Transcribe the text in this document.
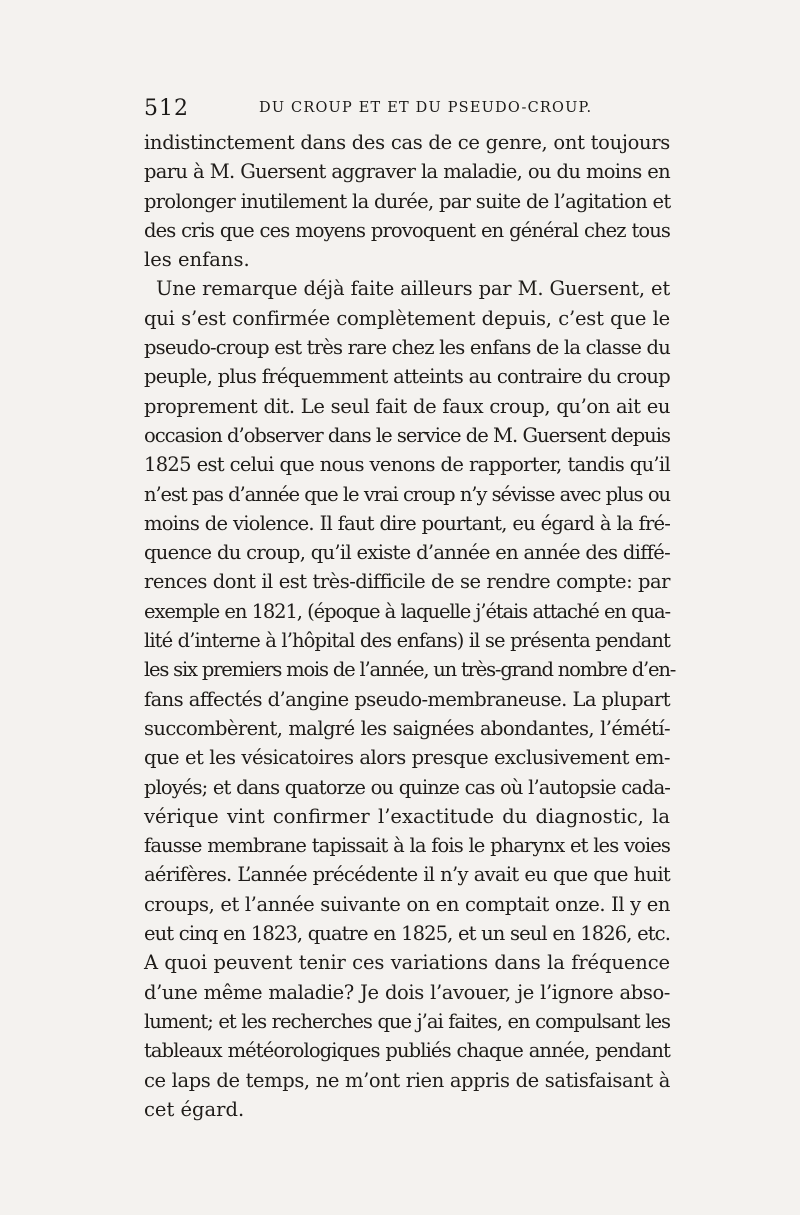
512	DU CROUP ET ET DU PSEUDO-CROUP.
indistinctement dans des cas de ce genre, ont toujours
paru à M. Guersent aggraver la maladie, ou du moins en
prolonger inutilement la durée, par suite de l’agitation et
des cris que ces moyens provoquent en général chez tous
les enfans.
Une remarque déjà faite ailleurs par M. Guersent, et
qui s’est confirmée complètement depuis, c’est que le
pseudo-croup est très rare chez les enfans de la classe du
peuple, plus fréquemment atteints au contraire du croup
proprement dit. Le seul fait de faux croup, qu’on ait eu
occasion d’observer dans le service de M. Guersent depuis
1825 est celui que nous venons de rapporter, tandis qu’il
n’est pas d’année que le vrai croup n’y sévisse avec plus ou
moins de violence. Il faut dire pourtant, eu égard à la fré-
quence du croup, qu’il existe d’année en année des diffé-
rences dont il est très-difficile de se rendre compte: par
exemple en 1821, (époque à laquelle j’étais attaché en qua-
lité d’interne à l’hôpital des enfans) il se présenta pendant
les six premiers mois de l’année, un très-grand nombre d’en-
fans affectés d’angine pseudo-membraneuse. La plupart
succombèrent, malgré les saignées abondantes, l’émétí-
que et les vésicatoires alors presque exclusivement em-
ployés; et dans quatorze ou quinze cas où l’autopsie cada-
vérique vint confirmer l’exactitude du diagnostic, la
fausse membrane tapissait à la fois le pharynx et les voies
aérifères. L’année précédente il n’y avait eu que que huit
croups, et l’année suivante on en comptait onze. Il y en
eut cinq en 1823, quatre en 1825, et un seul en 1826, etc.
A quoi peuvent tenir ces variations dans la fréquence
d’une même maladie? Je dois l’avouer, je l’ignore abso-
lument; et les recherches que j’ai faites, en compulsant les
tableaux météorologiques publiés chaque année, pendant
ce laps de temps, ne m’ont rien appris de satisfaisant à
cet égard.
